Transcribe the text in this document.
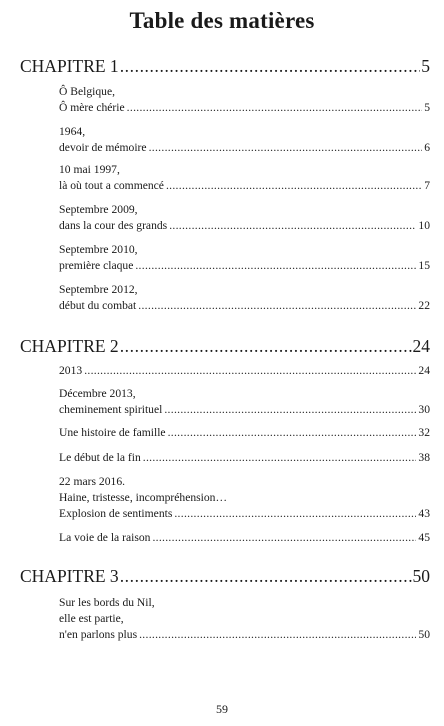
Table des matières
CHAPITRE 1 .....	5
Ô Belgique,
Ô mère chérie .....	5
1964,
devoir de mémoire .....	6
10 mai 1997,
là où tout a commencé .....	7
Septembre 2009,
dans la cour des grands .....	10
Septembre 2010,
première claque .....	15
Septembre 2012,
début du combat .....	22
CHAPITRE 2 .....	24
2013 .....	24
Décembre 2013,
cheminement spirituel .....	30
Une histoire de famille .....	32
Le début de la fin .....	38
22 mars 2016.
Haine, tristesse, incompréhension…
Explosion de sentiments .....	43
La voie de la raison .....	45
CHAPITRE 3 .....	50
Sur les bords du Nil,
elle est partie,
n'en parlons plus .....	50
59
